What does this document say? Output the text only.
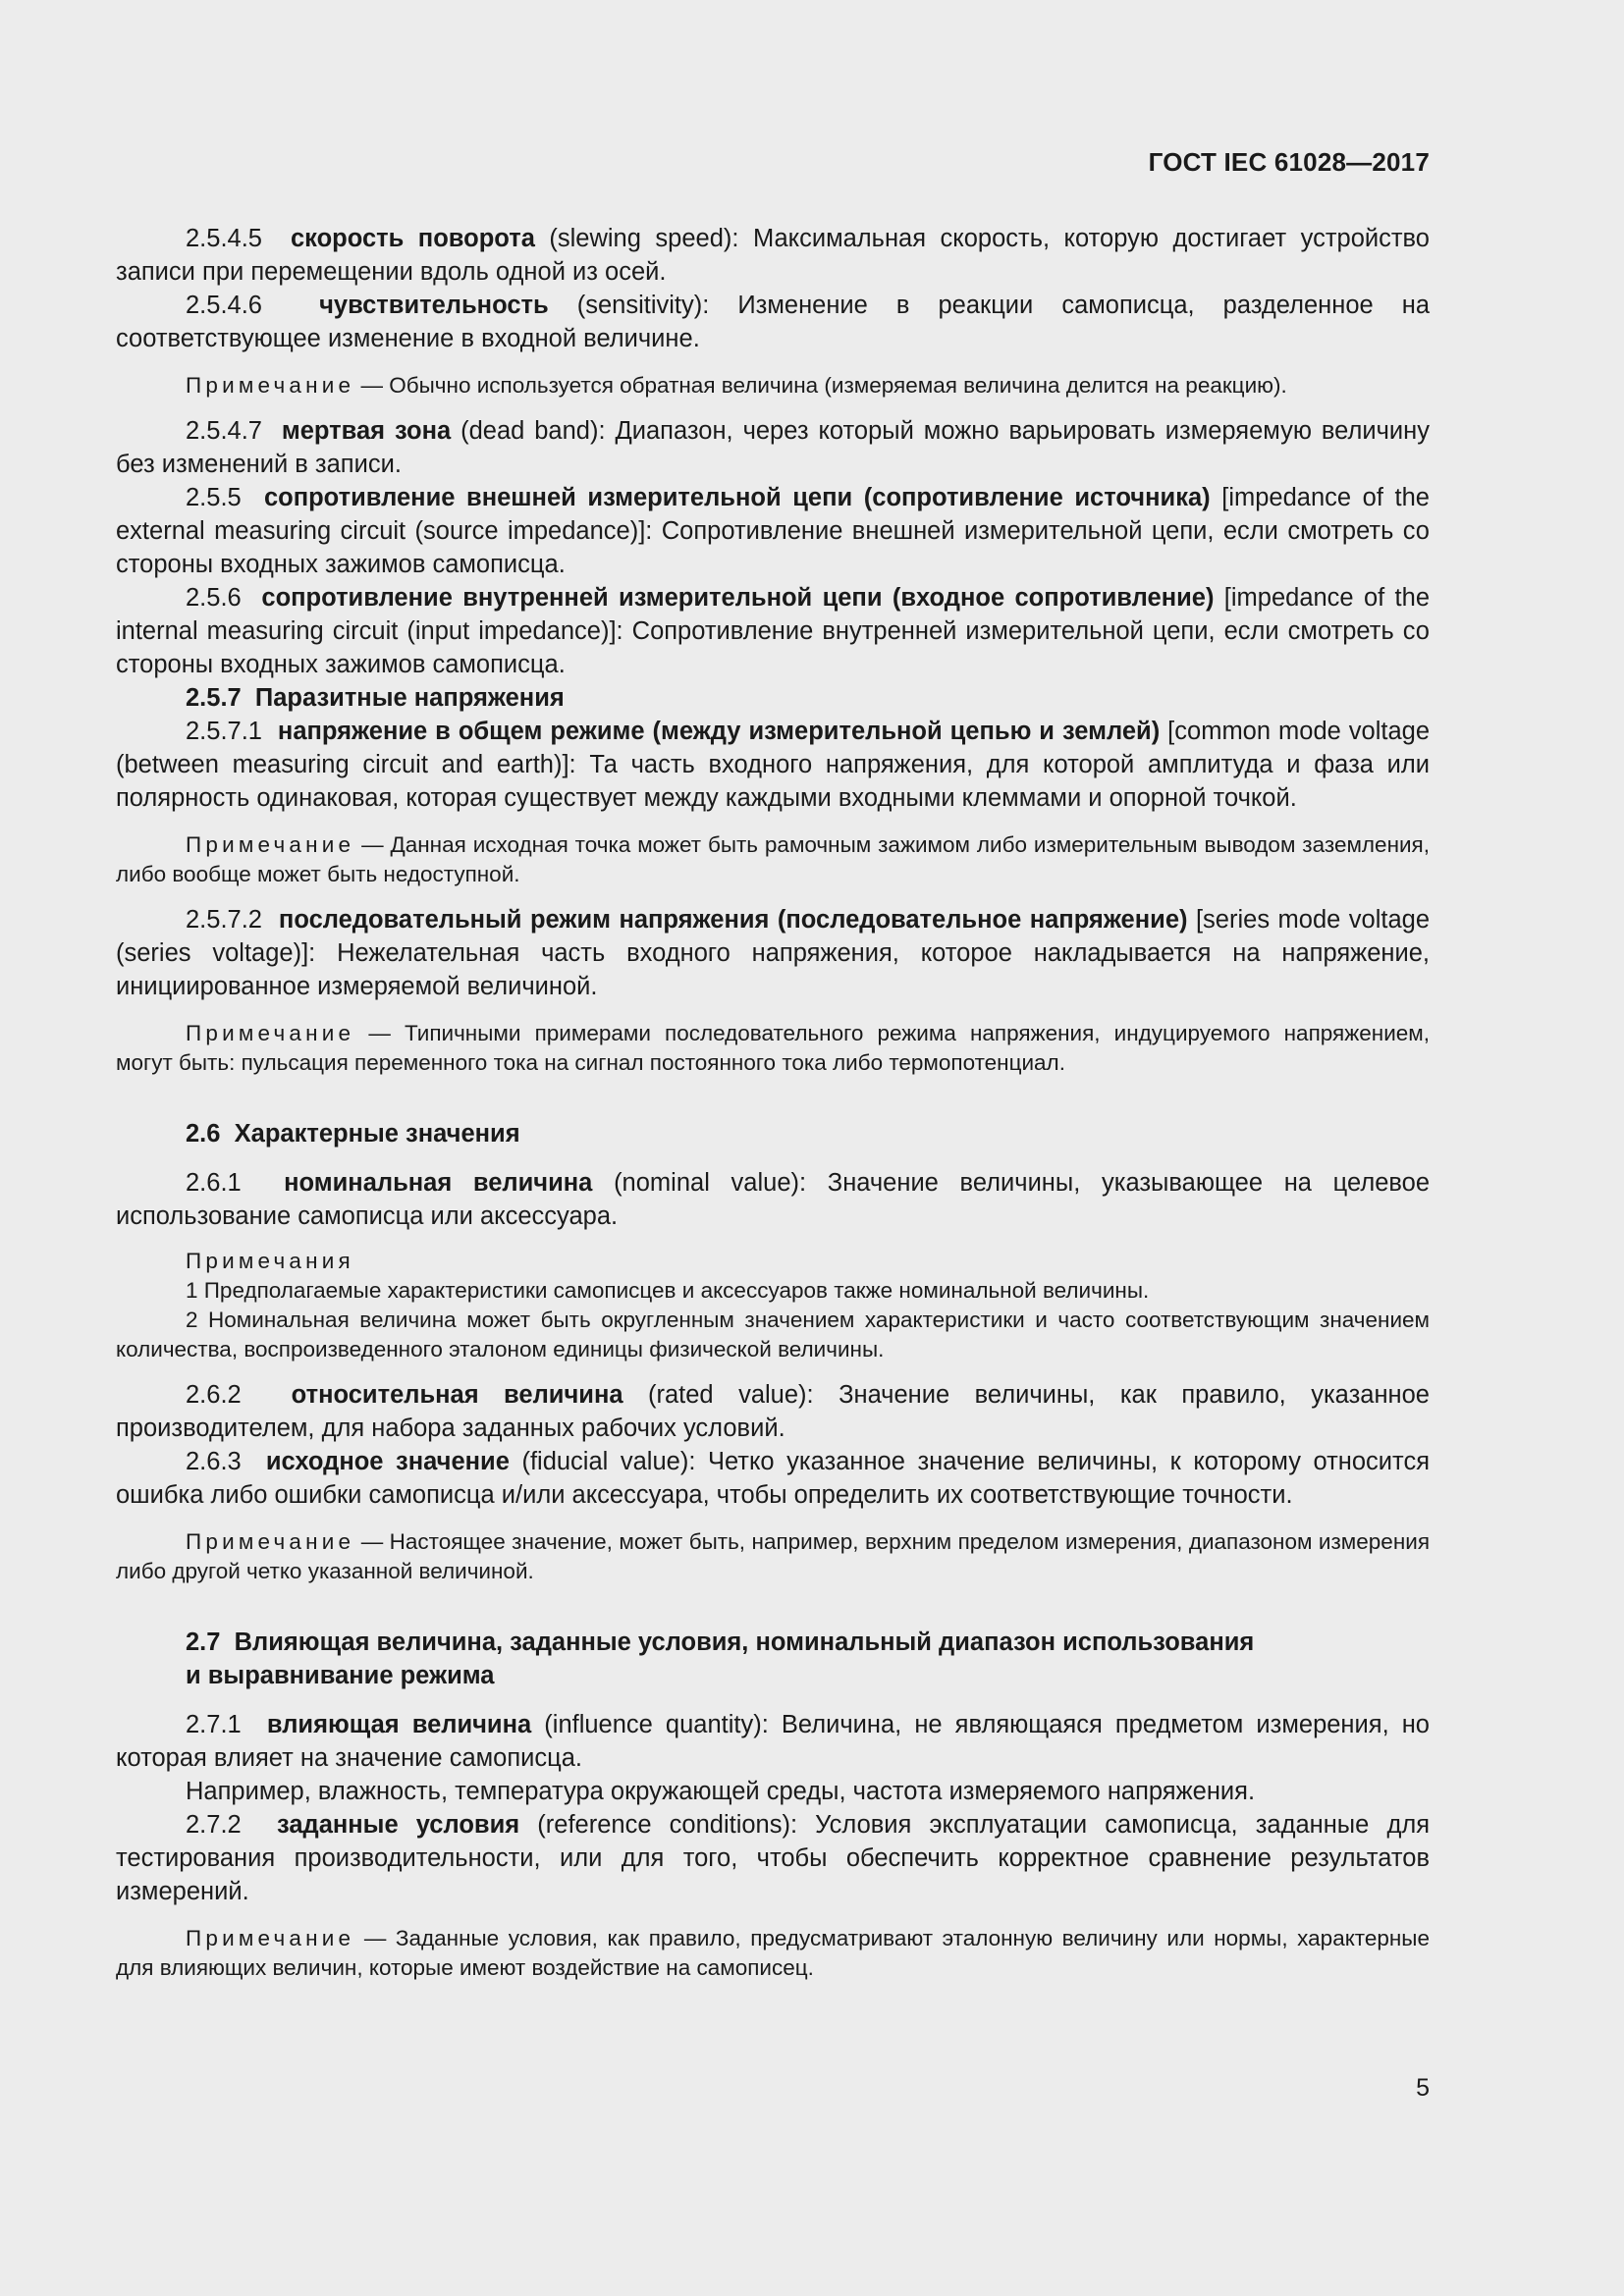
ГОСТ IEC 61028—2017

2.5.4.5 скорость поворота (slewing speed): Максимальная скорость, которую достигает устройство записи при перемещении вдоль одной из осей.

2.5.4.6 чувствительность (sensitivity): Изменение в реакции самописца, разделенное на соответствующее изменение в входной величине.

Примечание — Обычно используется обратная величина (измеряемая величина делится на реакцию).

2.5.4.7 мертвая зона (dead band): Диапазон, через который можно варьировать измеряемую величину без изменений в записи.

2.5.5 сопротивление внешней измерительной цепи (сопротивление источника) [impedance of the external measuring circuit (source impedance)]: Сопротивление внешней измерительной цепи, если смотреть со стороны входных зажимов самописца.

2.5.6 сопротивление внутренней измерительной цепи (входное сопротивление) [impedance of the internal measuring circuit (input impedance)]: Сопротивление внутренней измерительной цепи, если смотреть со стороны входных зажимов самописца.

2.5.7 Паразитные напряжения

2.5.7.1 напряжение в общем режиме (между измерительной цепью и землей) [common mode voltage (between measuring circuit and earth)]: Та часть входного напряжения, для которой амплитуда и фаза или полярность одинаковая, которая существует между каждыми входными клеммами и опорной точкой.

Примечание — Данная исходная точка может быть рамочным зажимом либо измерительным выводом заземления, либо вообще может быть недоступной.

2.5.7.2 последовательный режим напряжения (последовательное напряжение) [series mode voltage (series voltage)]: Нежелательная часть входного напряжения, которое накладывается на напряжение, инициированное измеряемой величиной.

Примечание — Типичными примерами последовательного режима напряжения, индуцируемого напряжением, могут быть: пульсация переменного тока на сигнал постоянного тока либо термопотенциал.

2.6 Характерные значения

2.6.1 номинальная величина (nominal value): Значение величины, указывающее на целевое использование самописца или аксессуара.

Примечания

1 Предполагаемые характеристики самописцев и аксессуаров также номинальной величины.

2 Номинальная величина может быть округленным значением характеристики и часто соответствующим значением количества, воспроизведенного эталоном единицы физической величины.

2.6.2 относительная величина (rated value): Значение величины, как правило, указанное производителем, для набора заданных рабочих условий.

2.6.3 исходное значение (fiducial value): Четко указанное значение величины, к которому относится ошибка либо ошибки самописца и/или аксессуара, чтобы определить их соответствующие точности.

Примечание — Настоящее значение, может быть, например, верхним пределом измерения, диапазоном измерения либо другой четко указанной величиной.

2.7 Влияющая величина, заданные условия, номинальный диапазон использования
и выравнивание режима

2.7.1 влияющая величина (influence quantity): Величина, не являющаяся предметом измерения, но которая влияет на значение самописца.

Например, влажность, температура окружающей среды, частота измеряемого напряжения.

2.7.2 заданные условия (reference conditions): Условия эксплуатации самописца, заданные для тестирования производительности, или для того, чтобы обеспечить корректное сравнение результатов измерений.

Примечание — Заданные условия, как правило, предусматривают эталонную величину или нормы, характерные для влияющих величин, которые имеют воздействие на самописец.

5
